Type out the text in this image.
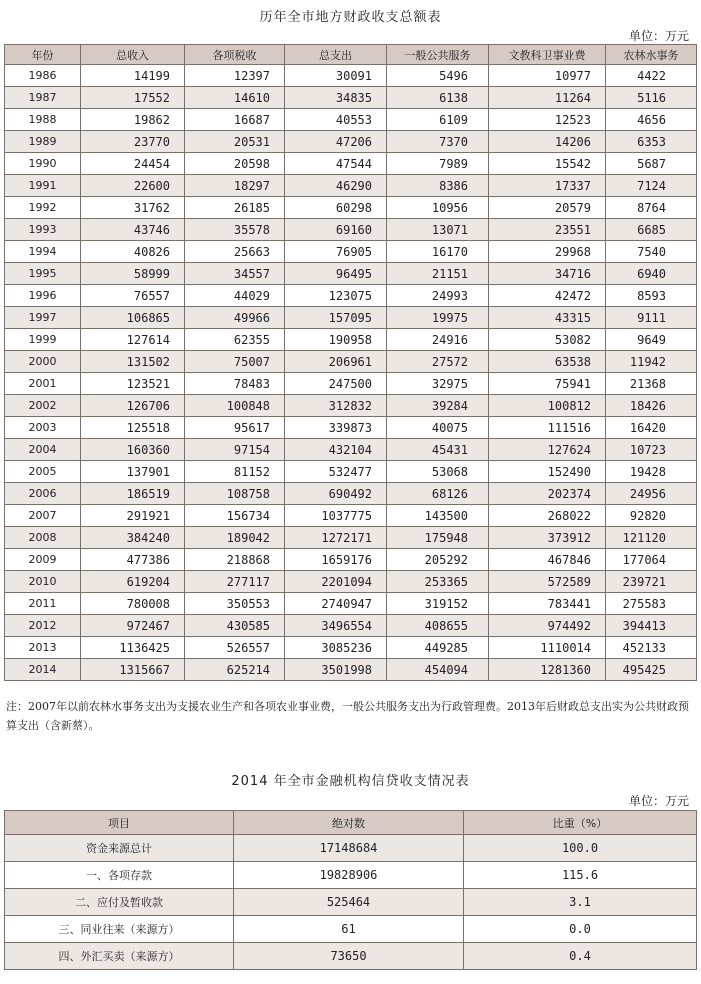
历年全市地方财政收支总额表
单位：万元
年份	总收入	各项税收	总支出	一般公共服务	文教科卫事业费	农林水事务
1986	14199	12397	30091	5496	10977	4422
1987	17552	14610	34835	6138	11264	5116
1988	19862	16687	40553	6109	12523	4656
1989	23770	20531	47206	7370	14206	6353
1990	24454	20598	47544	7989	15542	5687
1991	22600	18297	46290	8386	17337	7124
1992	31762	26185	60298	10956	20579	8764
1993	43746	35578	69160	13071	23551	6685
1994	40826	25663	76905	16170	29968	7540
1995	58999	34557	96495	21151	34716	6940
1996	76557	44029	123075	24993	42472	8593
1997	106865	49966	157095	19975	43315	9111
1999	127614	62355	190958	24916	53082	9649
2000	131502	75007	206961	27572	63538	11942
2001	123521	78483	247500	32975	75941	21368
2002	126706	100848	312832	39284	100812	18426
2003	125518	95617	339873	40075	111516	16420
2004	160360	97154	432104	45431	127624	10723
2005	137901	81152	532477	53068	152490	19428
2006	186519	108758	690492	68126	202374	24956
2007	291921	156734	1037775	143500	268022	92820
2008	384240	189042	1272171	175948	373912	121120
2009	477386	218868	1659176	205292	467846	177064
2010	619204	277117	2201094	253365	572589	239721
2011	780008	350553	2740947	319152	783441	275583
2012	972467	430585	3496554	408655	974492	394413
2013	1136425	526557	3085236	449285	1110014	452133
2014	1315667	625214	3501998	454094	1281360	495425
注：2007年以前农林水事务支出为支援农业生产和各项农业事业费，一般公共服务支出为行政管理费。2013年后财政总支出实为公共财政预算支出（含新蔡）。
2014 年全市金融机构信贷收支情况表
单位：万元
项目	绝对数	比重（%）
资金来源总计	17148684	100.0
一、各项存款	19828906	115.6
二、应付及暂收款	525464	3.1
三、同业往来（来源方）	61	0.0
四、外汇买卖（来源方）	73650	0.4
